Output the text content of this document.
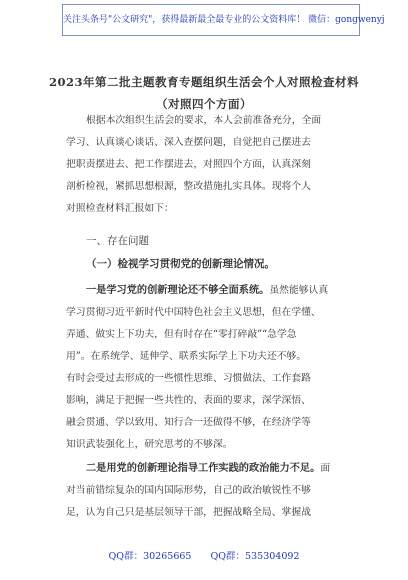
关注头条号"公文研究"，获得最新最全最专业的公文资料库！ 微信：gongwenyj
2023年第二批主题教育专题组织生活会个人对照检查材料
（对照四个方面）
根据本次组织生活会的要求，本人会前准备充分，全面
学习、认真谈心谈话、深入查摆问题，自觉把自己摆进去
把职责摆进去、把工作摆进去，对照四个方面，认真深刻
剖析检视，紧抓思想根源，整改措施扎实具体。现将个人
对照检查材料汇报如下：
一、存在问题
（一）检视学习贯彻党的创新理论情况。
一是学习党的创新理论还不够全面系统。虽然能够认真
学习贯彻习近平新时代中国特色社会主义思想，但在学懂、
弄通、做实上下功夫，但有时存在“零打碎敲”“急学急
用”。在系统学、延伸学、联系实际学上下功夫还不够。
有时会受过去形成的一些惯性思维、习惯做法、工作套路
影响，满足于把握一些共性的、表面的要求，深学深悟、
融会贯通、学以致用、知行合一还做得不够，在经济学等
知识武装强化上，研究思考的不够深。
二是用党的创新理论指导工作实践的政治能力不足。面
对当前错综复杂的国内国际形势，自己的政治敏锐性不够
足，认为自己只是基层领导干部，把握战略全局、掌握战
QQ群：30265665 QQ群：535304092
